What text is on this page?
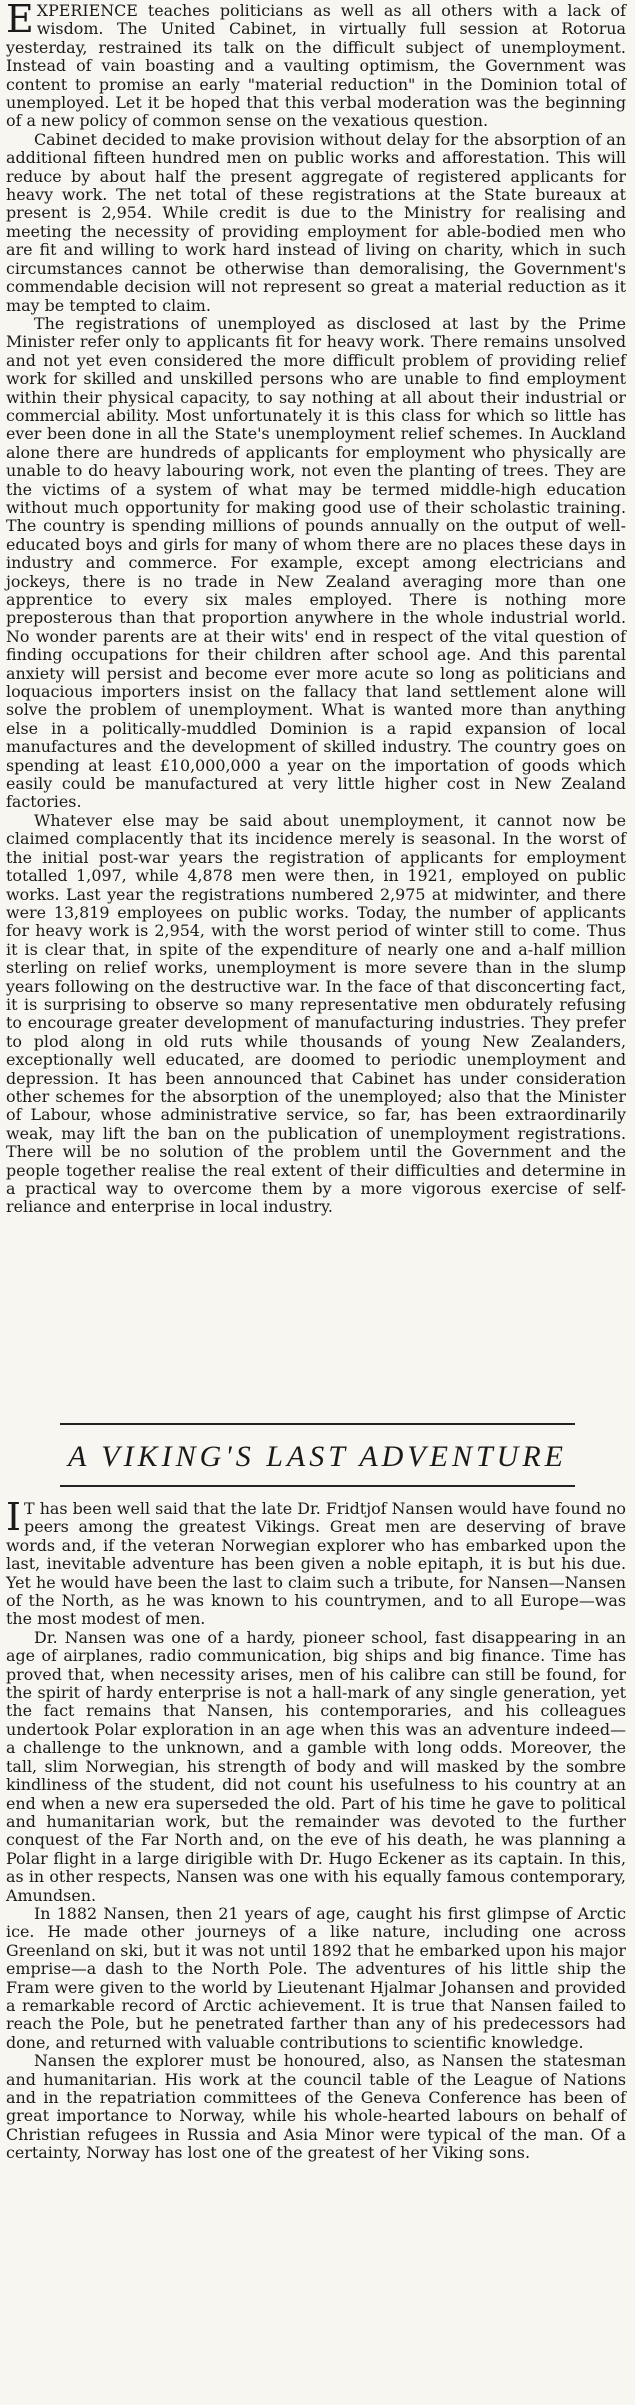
EXPERIENCE teaches politicians as well as all others with a lack of wisdom. The United Cabinet, in virtually full session at Rotorua yesterday, restrained its talk on the difficult subject of unemployment. Instead of vain boasting and a vaulting optimism, the Government was content to promise an early "material reduction" in the Dominion total of unemployed. Let it be hoped that this verbal moderation was the beginning of a new policy of common sense on the vexatious question.

Cabinet decided to make provision without delay for the absorption of an additional fifteen hundred men on public works and afforestation. This will reduce by about half the present aggregate of registered applicants for heavy work. The net total of these registrations at the State bureaux at present is 2,954. While credit is due to the Ministry for realising and meeting the necessity of providing employment for able-bodied men who are fit and willing to work hard instead of living on charity, which in such circumstances cannot be otherwise than demoralising, the Government's commendable decision will not represent so great a material reduction as it may be tempted to claim.

The registrations of unemployed as disclosed at last by the Prime Minister refer only to applicants fit for heavy work. There remains unsolved and not yet even considered the more difficult problem of providing relief work for skilled and unskilled persons who are unable to find employment within their physical capacity, to say nothing at all about their industrial or commercial ability. Most unfortunately it is this class for which so little has ever been done in all the State's unemployment relief schemes. In Auckland alone there are hundreds of applicants for employment who physically are unable to do heavy labouring work, not even the planting of trees. They are the victims of a system of what may be termed middle-high education without much opportunity for making good use of their scholastic training. The country is spending millions of pounds annually on the output of well-educated boys and girls for many of whom there are no places these days in industry and commerce. For example, except among electricians and jockeys, there is no trade in New Zealand averaging more than one apprentice to every six males employed. There is nothing more preposterous than that proportion anywhere in the whole industrial world. No wonder parents are at their wits' end in respect of the vital question of finding occupations for their children after school age. And this parental anxiety will persist and become ever more acute so long as politicians and loquacious importers insist on the fallacy that land settlement alone will solve the problem of unemployment. What is wanted more than anything else in a politically-muddled Dominion is a rapid expansion of local manufactures and the development of skilled industry. The country goes on spending at least £10,000,000 a year on the importation of goods which easily could be manufactured at very little higher cost in New Zealand factories.

Whatever else may be said about unemployment, it cannot now be claimed complacently that its incidence merely is seasonal. In the worst of the initial post-war years the registration of applicants for employment totalled 1,097, while 4,878 men were then, in 1921, employed on public works. Last year the registrations numbered 2,975 at midwinter, and there were 13,819 employees on public works. Today, the number of applicants for heavy work is 2,954, with the worst period of winter still to come. Thus it is clear that, in spite of the expenditure of nearly one and a-half million sterling on relief works, unemployment is more severe than in the slump years following on the destructive war. In the face of that disconcerting fact, it is surprising to observe so many representative men obdurately refusing to encourage greater development of manufacturing industries. They prefer to plod along in old ruts while thousands of young New Zealanders, exceptionally well educated, are doomed to periodic unemployment and depression. It has been announced that Cabinet has under consideration other schemes for the absorption of the unemployed; also that the Minister of Labour, whose administrative service, so far, has been extraordinarily weak, may lift the ban on the publication of unemployment registrations. There will be no solution of the problem until the Government and the people together realise the real extent of their difficulties and determine in a practical way to overcome them by a more vigorous exercise of self-reliance and enterprise in local industry.

A VIKING'S LAST ADVENTURE

I T has been well said that the late Dr. Fridtjof Nansen would have found no peers among the greatest Vikings. Great men are deserving of brave words and, if the veteran Norwegian explorer who has embarked upon the last, inevitable adventure has been given a noble epitaph, it is but his due. Yet he would have been the last to claim such a tribute, for Nansen—Nansen of the North, as he was known to his countrymen, and to all Europe—was the most modest of men.

Dr. Nansen was one of a hardy, pioneer school, fast disappearing in an age of airplanes, radio communication, big ships and big finance. Time has proved that, when necessity arises, men of his calibre can still be found, for the spirit of hardy enterprise is not a hall-mark of any single generation, yet the fact remains that Nansen, his contemporaries, and his colleagues undertook Polar exploration in an age when this was an adventure indeed—a challenge to the unknown, and a gamble with long odds. Moreover, the tall, slim Norwegian, his strength of body and will masked by the sombre kindliness of the student, did not count his usefulness to his country at an end when a new era superseded the old. Part of his time he gave to political and humanitarian work, but the remainder was devoted to the further conquest of the Far North and, on the eve of his death, he was planning a Polar flight in a large dirigible with Dr. Hugo Eckener as its captain. In this, as in other respects, Nansen was one with his equally famous contemporary, Amundsen.

In 1882 Nansen, then 21 years of age, caught his first glimpse of Arctic ice. He made other journeys of a like nature, including one across Greenland on ski, but it was not until 1892 that he embarked upon his major emprise—a dash to the North Pole. The adventures of his little ship the Fram were given to the world by Lieutenant Hjalmar Johansen and provided a remarkable record of Arctic achievement. It is true that Nansen failed to reach the Pole, but he penetrated farther than any of his predecessors had done, and returned with valuable contributions to scientific knowledge.

Nansen the explorer must be honoured, also, as Nansen the statesman and humanitarian. His work at the council table of the League of Nations and in the repatriation committees of the Geneva Conference has been of great importance to Norway, while his whole-hearted labours on behalf of Christian refugees in Russia and Asia Minor were typical of the man. Of a certainty, Norway has lost one of the greatest of her Viking sons.
